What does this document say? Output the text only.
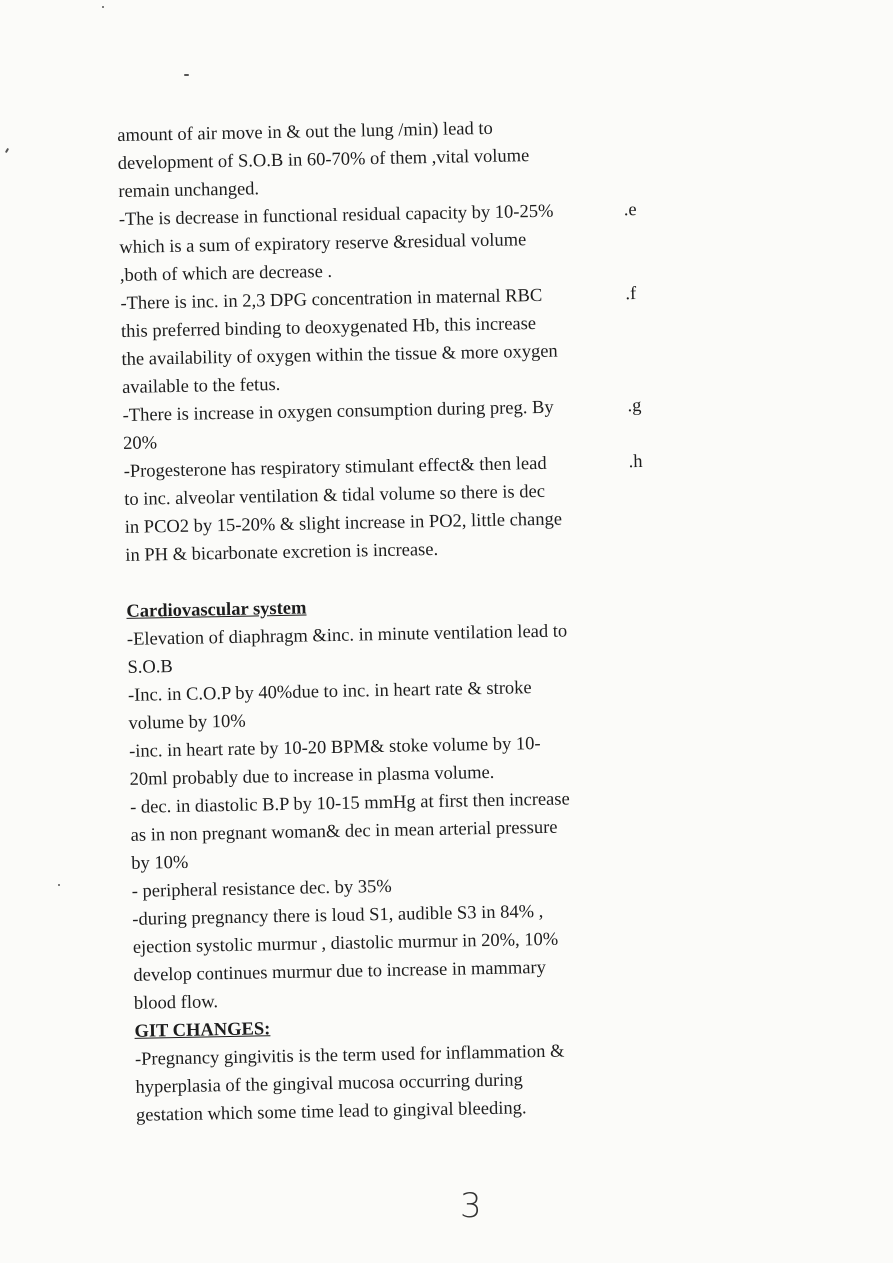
amount of air move in & out the lung /min) lead to
development of S.O.B in 60-70% of them ,vital volume
remain unchanged.
-The is decrease in functional residual capacity by 10-25%	.e
which is a sum of expiratory reserve &residual volume
,both of which are decrease .
-There is inc. in 2,3 DPG concentration in maternal RBC	.f
this preferred binding to deoxygenated Hb, this increase
the availability of oxygen within the tissue & more oxygen
available to the fetus.
-There is increase in oxygen consumption during preg. By	.g
20%
-Progesterone has respiratory stimulant effect& then lead	.h
to inc. alveolar ventilation & tidal volume so there is dec
in PCO2 by 15-20% & slight increase in PO2, little change
in PH & bicarbonate excretion is increase.
Cardiovascular system
-Elevation of diaphragm &inc. in minute ventilation lead to
S.O.B
-Inc. in C.O.P by 40%due to inc. in heart rate & stroke
volume by 10%
-inc. in heart rate by 10-20 BPM& stoke volume by 10-
20ml probably due to increase in plasma volume.
- dec. in diastolic B.P by 10-15 mmHg at first then increase
as in non pregnant woman& dec in mean arterial pressure
by 10%
- peripheral resistance dec. by 35%
-during pregnancy there is loud S1, audible S3 in 84% ,
ejection systolic murmur , diastolic murmur in 20%, 10%
develop continues murmur due to increase in mammary
blood flow.
GIT CHANGES:
-Pregnancy gingivitis is the term used for inflammation &
hyperplasia of the gingival mucosa occurring during
gestation which some time lead to gingival bleeding.
3
